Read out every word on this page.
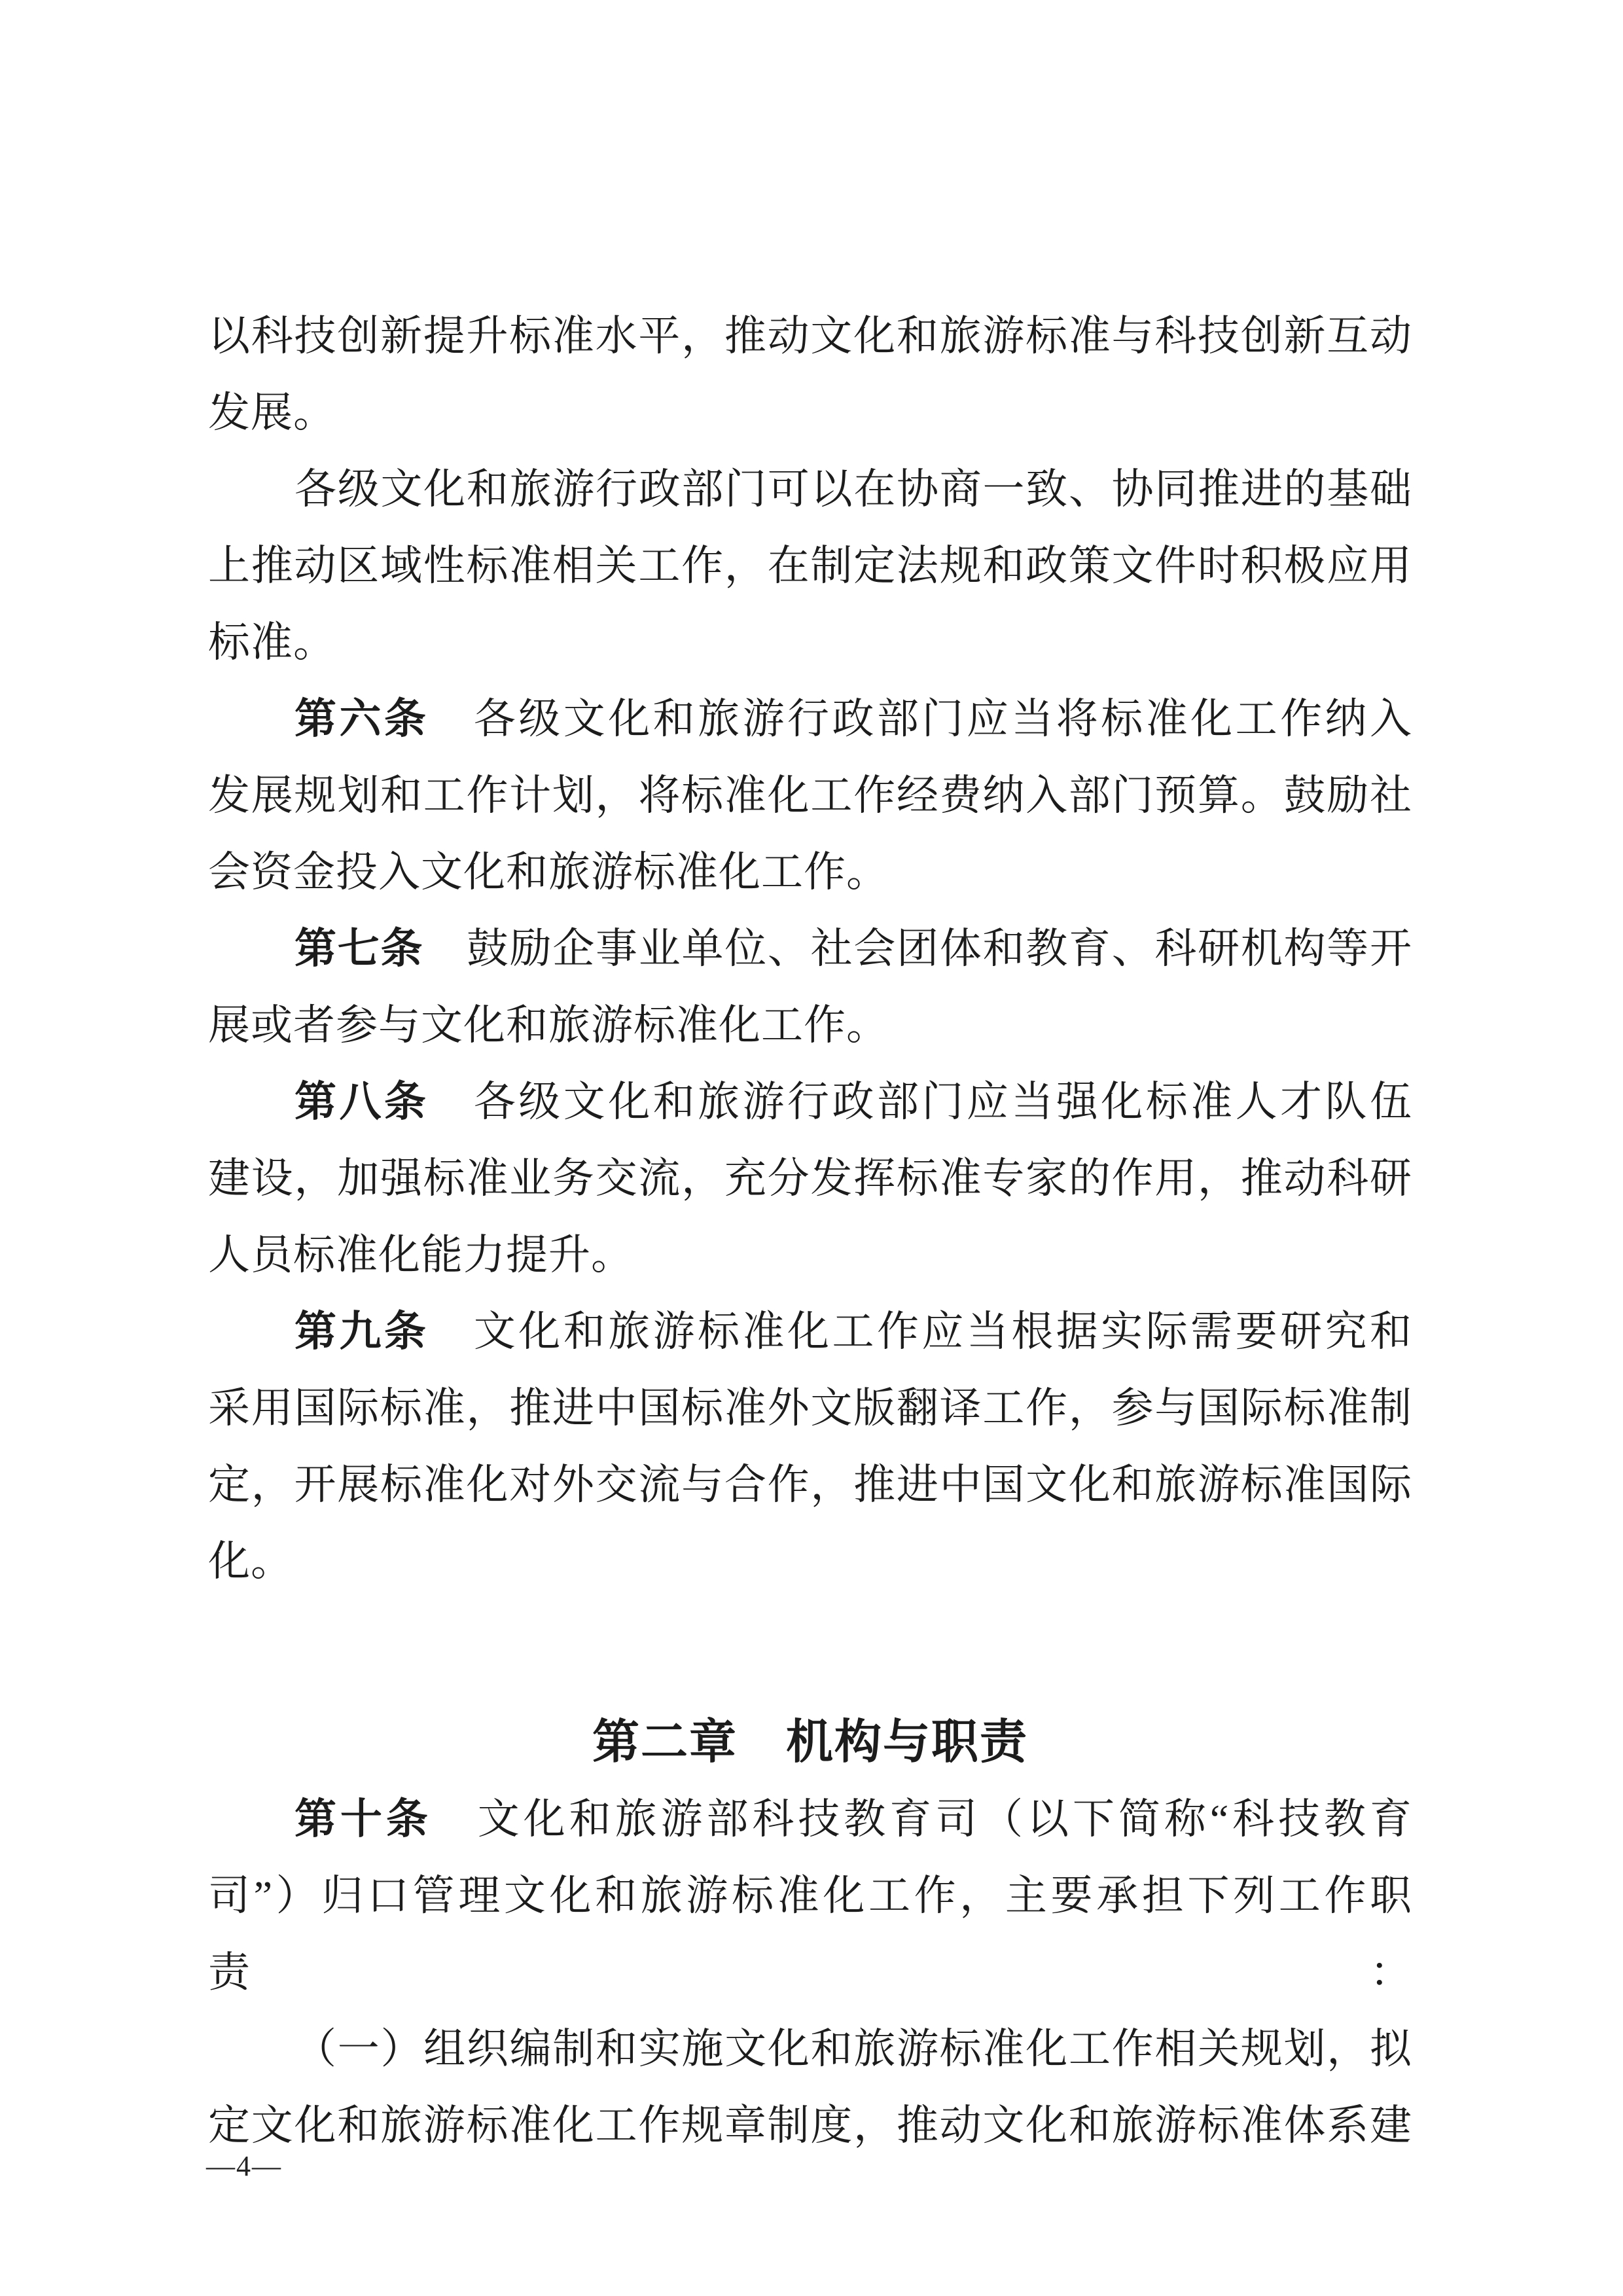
以科技创新提升标准水平，推动文化和旅游标准与科技创新互动
发展。
各级文化和旅游行政部门可以在协商一致、协同推进的基础
上推动区域性标准相关工作，在制定法规和政策文件时积极应用
标准。
第六条　各级文化和旅游行政部门应当将标准化工作纳入
发展规划和工作计划，将标准化工作经费纳入部门预算。鼓励社
会资金投入文化和旅游标准化工作。
第七条　鼓励企事业单位、社会团体和教育、科研机构等开
展或者参与文化和旅游标准化工作。
第八条　各级文化和旅游行政部门应当强化标准人才队伍
建设，加强标准业务交流，充分发挥标准专家的作用，推动科研
人员标准化能力提升。
第九条　文化和旅游标准化工作应当根据实际需要研究和
采用国际标准，推进中国标准外文版翻译工作，参与国际标准制
定，开展标准化对外交流与合作，推进中国文化和旅游标准国际
化。
第二章　机构与职责
第十条　文化和旅游部科技教育司（以下简称“科技教育
司”）归口管理文化和旅游标准化工作，主要承担下列工作职责：
（一）组织编制和实施文化和旅游标准化工作相关规划，拟
定文化和旅游标准化工作规章制度，推动文化和旅游标准体系建
—4—
